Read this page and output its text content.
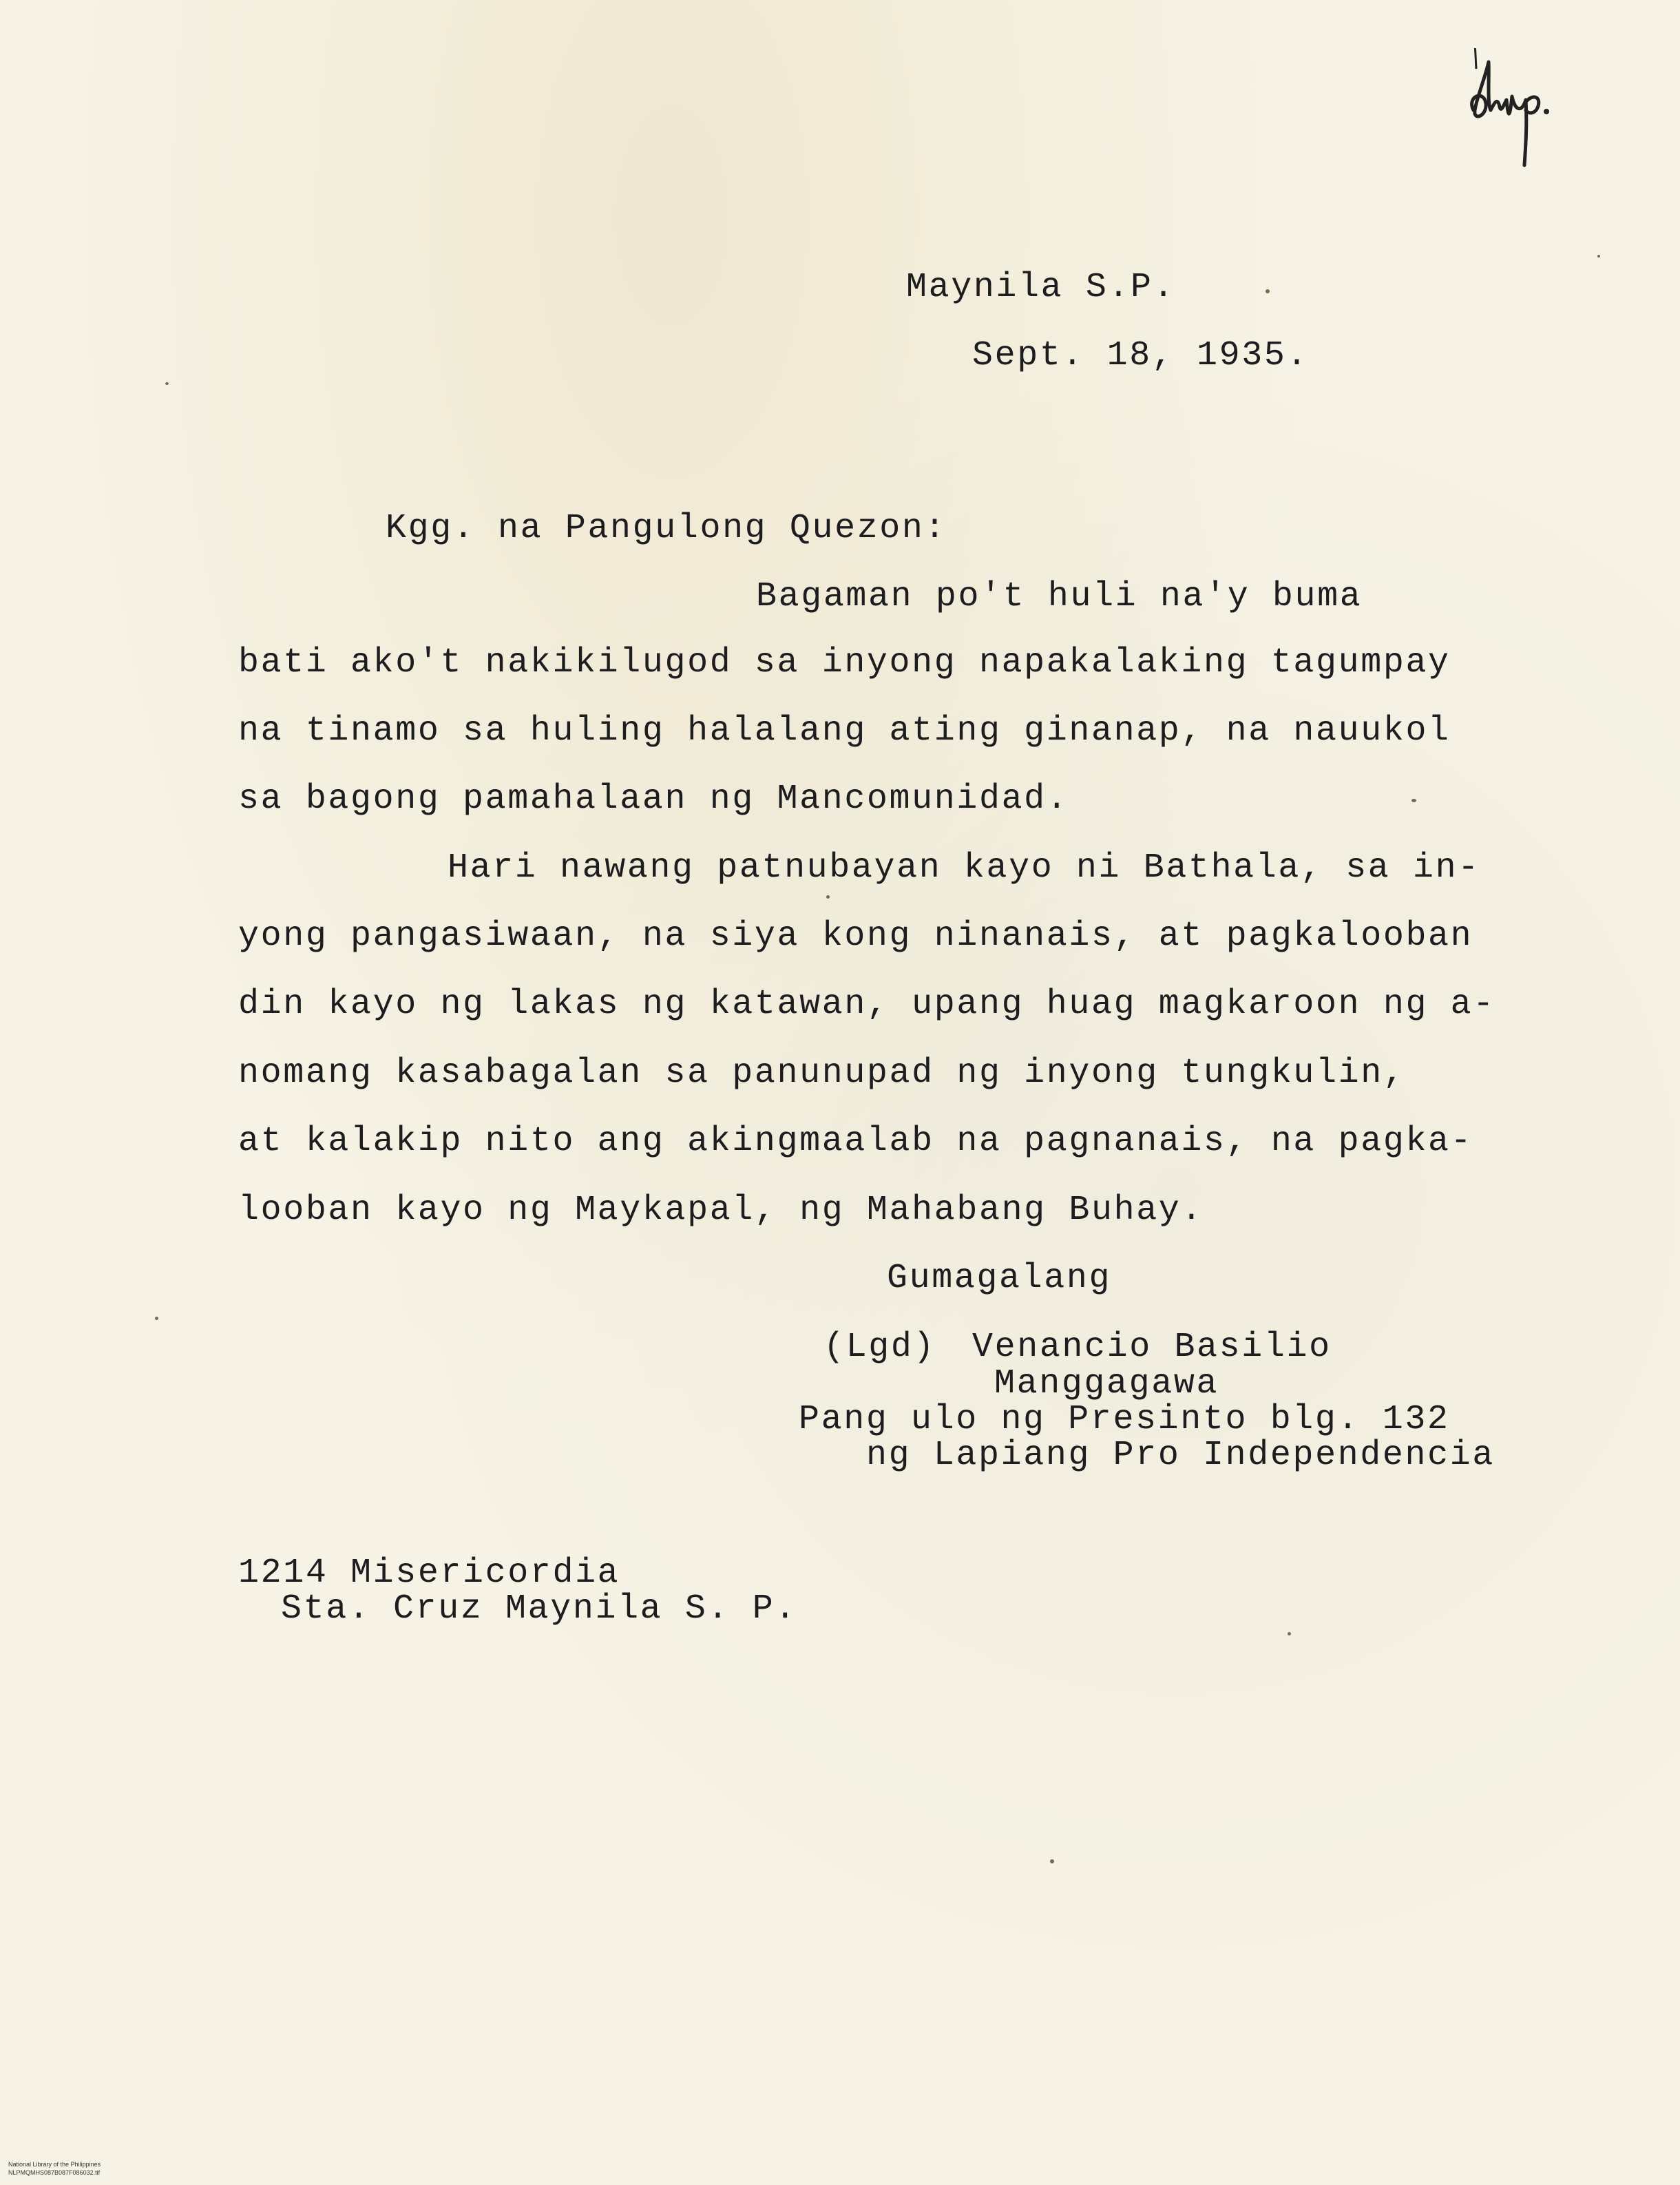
Maynila S.P.

Sept. 18, 1935.

Kgg. na Pangulong Quezon:

Bagaman po't huli na'y buma

bati ako't nakikilugod sa inyong napakalaking tagumpay

na tinamo sa huling halalang ating ginanap, na nauukol

sa bagong pamahalaan ng Mancomunidad.

Hari nawang patnubayan kayo ni Bathala, sa in-

yong pangasiwaan, na siya kong ninanais, at pagkalooban

din kayo ng lakas ng katawan, upang huag magkaroon ng a-

nomang kasabagalan sa panunupad ng inyong tungkulin,

at kalakip nito ang akingmaalab na pagnanais, na pagka-

looban kayo ng Maykapal, ng Mahabang Buhay.

Gumagalang

(Lgd) Venancio Basilio

Manggagawa

Pang ulo ng Presinto blg. 132

ng Lapiang Pro Independencia

1214 Misericordia

Sta. Cruz Maynila S. P.

National Library of the Philippines
NLPMQMHS087B087F086032.tif
